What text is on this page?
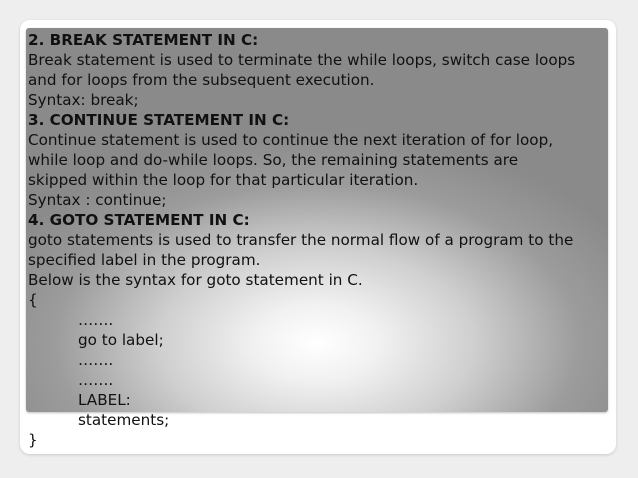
2. BREAK STATEMENT IN C:
Break statement is used to terminate the while loops, switch case loops
and for loops from the subsequent execution.
Syntax: break;
3. CONTINUE STATEMENT IN C:
Continue statement is used to continue the next iteration of for loop,
while loop and do-while loops. So, the remaining statements are
skipped within the loop for that particular iteration.
Syntax : continue;
4. GOTO STATEMENT IN C:
goto statements is used to transfer the normal flow of a program to the
specified label in the program.
Below is the syntax for goto statement in C.
{
…….
go to label;
…….
…….
LABEL:
statements;
}
